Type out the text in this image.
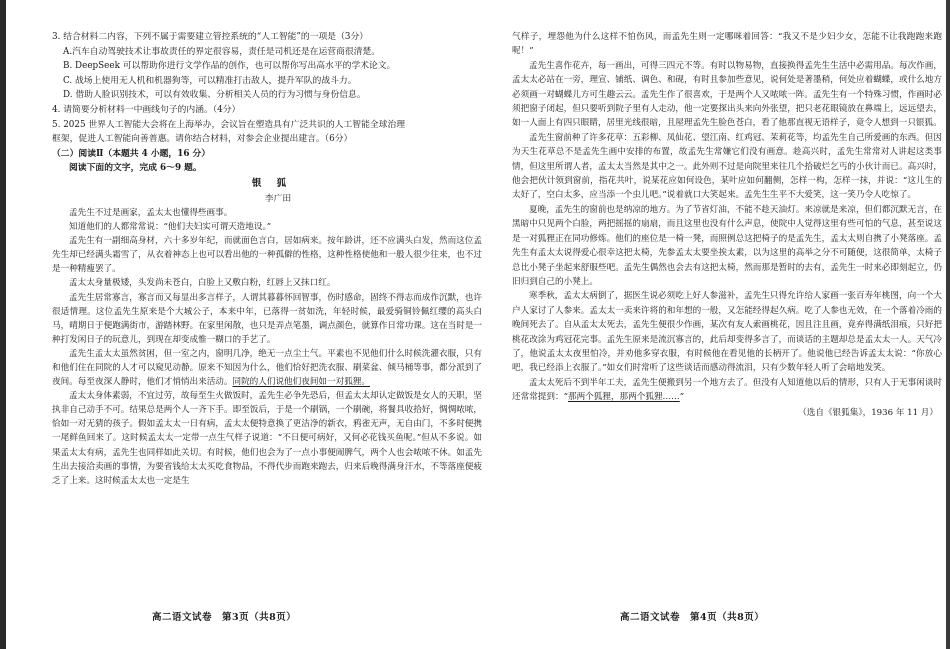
3. 结合材料二内容，下列不属于需要建立管控系统的“人工智能”的一项是（3分）
A.汽车自动驾驶技术让事故责任的界定很容易，责任是司机还是在运营商很清楚。
B. DeepSeek 可以帮助你进行文学作品的创作，也可以帮你写出高水平的学术论文。
C. 战场上使用无人机和机器狗等，可以精准打击敌人，提升军队的战斗力。
D. 借助人脸识别技术，可以有效收集、分析相关人员的行为习惯与身份信息。
4. 请简要分析材料一中画线句子的内涵。（4分）
5. 2025 世界人工智能大会将在上海举办，会议旨在塑造具有广泛共识的人工智能全球治理
框架，促进人工智能向善普惠。请你结合材料，对参会企业提出建言。（6分）
（二）阅读Ⅱ（本题共 4 小题，16 分）
阅读下面的文字，完成 6～9 题。
银 狐
李广田
孟先生不过是画家，孟太太也懂得些画事。
知道他们的人都常常说：“他们夫妇实可谓天造地设。”
孟先生有一副细高身材，六十多岁年纪，而就面色言白，居如病来。按年龄讲，还不应满头白发，然而这位孟先生却已经满头霜雪了，从衣着神态上也可以看出他的一种孤僻的性格，这种性格使他和一般人很少往来，也不过是一种精瘦罢了。
孟太太身量极矮，头发尚未苍白，白脸上又敷白粉，红唇上又抹口红。
孟先生居常寡言，寡言而又每显出多言样子，人谓其暮暮怀回智事，伤时感命，固终不得志而成作沉默，也许很适情理。这位孟先生原来是个大城公子，本来中年，已落得一贫如洗，年轻时候，最爱骑铜铃佩红缨的高头白马，晴期日于便跑满街市，游踏林野。在家里闲散，也只是弄点笔墨，调点颜色，就算作日常功课。这在当时是一种打发闲日子的玩意儿，到现在却变成惟一糊口的手艺了。
孟先生孟太太虽然贫困，但一室之内，窗明几净，绝无一点尘土气。平素也不见他们什么时候洗濯衣服，只有和他们住在同院的人才可以窥见动静。原来不知因为什么，他们恰好把洗衣服、刷菜盆、倾马桶等事，都分派到了夜间。每至夜深人静时，他们才悄悄出来活动。同院的人们说他们夜间如一对狐狸。
孟太太身体素弱，不宜过劳，故每至生火做饭时，孟先生必争先恐后，但孟太太却认定做饭是女人的天职，坚执非自己动手不可。结果总是两个人一齐下手。即至饭后，于是一个刷锅，一个刷碗，将餐具收拾好，惆惆哝哝，恰如一对无猜的孩子。假如孟太太一日有病，孟太太便特意换了更洁净的新衣，鸦雀无声，无自由门，不多时便携一尾鲜鱼回来了。这时候孟太太一定带一点生气样子说道：“不日便可病好，又何必花钱买鱼呢。”但从不多说。如果孟太太有病，孟先生也同样如此关切。有时候，他们也会为了一点小事便闹脾气，两个人也会哝哝不休。如孟先生出去接洽卖画的事情，为要省钱给太太买吃食物品，不得代步而跑来跑去，归来后晚得满身汗水，不等落座便疲乏了上来。这时候孟太太也一定是生
高二语文试卷　第3页（共8页）
气样子，埋怨他为什么这样不怕伤风，而孟先生则一定哪咪着回答：“我又不是少妇少女，怎能不让我跑跑来跑呢！”
孟先生喜作花卉，每一画出，可得三四元不等。有时以物易物，直接换得孟先生生活中必需用品。每次作画，孟太太必站在一旁，理宣、铺纸、调色、和砚，有时且参加些意见，说何处是著墨稍，何处应着蝴蝶，或什么地方必须画一对蝴蝶儿方可生趣云云。孟先生作了很喜欢，于是两个人又哝哝一阵。孟先生有一个特殊习惯，作画时必须把窗子闭起，但只要听到院子里有人走动，他一定要探出头来向外张望，把只老花眼镜放在鼻端上，远远望去，如一人面上有四只眼睛，居里光线很暗，且屋理孟先生脸色苍白，看了他那直视无语样子，竟令人想到一只银狐。
孟先生窗前种了许多花草：五彩柳、凤仙花、望江南、红鸡冠、茉莉花等，均孟先生自己所爱画的东西。但因为天生花草总不是孟先生画中安排的布置，故孟先生常嫌它们没有画意。趁高兴时，孟先生常常对人讲起这类事情，但这里所谓人者，孟太太当然是其中之一。此外则不过是向院里来往几个拾破烂乞丐的小伙计而已。高兴时，他会把伙计领到窗前，指花共叶，说某花应如何设色，某叶应如何翻侧，怎样一构，怎样一抹，并说：“这儿生的太好了，空白太多，应当添一个虫儿吧。”说着就口大笑起来。孟先生生平不大爱笑，这一笑乃令人吃惊了。
夏晚，孟先生的窗前也是纳凉的地方。为了节省灯油，不能不趁天油灯。来凉就是来凉，但们都沉默无言，在黑暗中只见两个白脸，两把摇摇的扇扇，而且这里也没有什么声息，使院中人觉得这里有些可怕的气息，甚至说这是一对狐狸正在同功修炼。他们的座位是一椅一凳，而照例总这把椅子的是孟先生，孟太太则自携了小凳落座。孟先生有孟太太说得爱心很幸这把太椅，先参孟太太要坐挨太素，以为这里的高举之分不可随便，这很简单，太椅子总比小凳子坐起来舒服些吧。孟先生偶然也会去有这把太椅，然而那是暂时的去有，孟先生一时来必即刻起立，仍旧归到自己的小凳上。
寒季秋，孟太太病倒了，据医生说必须吃上好人参滋补，孟先生只得允许给人家画一张百寿年桃图，向一个大户人家讨了人参来。孟太太一卖来许将的和年想的一般，又怎能经得起久病。吃了人参也无效，在一个落着冷雨的晚间死去了。自从孟太太死去，孟先生便很少作画，某次有友人索画桃花，因且注且画，竟弃得满纸泪痕，只好把桃花改涂为鸡冠花完事。孟先生原来是流沉寡言的，此后却变得多言了，而谈话的主题却总是孟太太一人。天气冷了，他说孟太太夜里怕冷，并劝他多穿衣服，有时候他在看见他的长柄开了。他说他已经告诉孟太太说：“你放心吧，我已经添上衣服了。”如女们时常听了这些谈话而感动得流泪，只有少数年轻人听了会暗地发笑。
孟太太死后不到半年工夫，孟先生便搬到另一个地方去了。但没有人知道他以后的情形，只有人于无事闲谈时还常常提到：“那两个狐狸，那两个狐狸……”
（选自《银狐集》，1936 年 11 月）
高二语文试卷　第4页（共8页）
